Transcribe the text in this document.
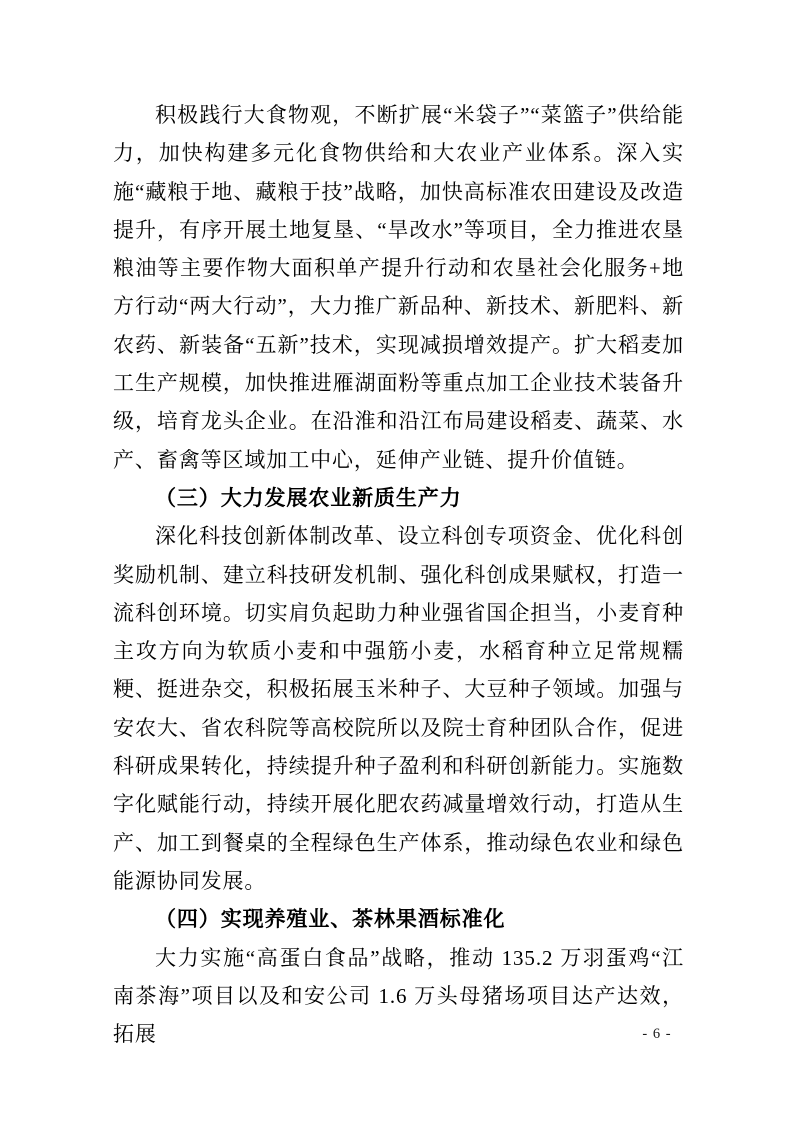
积极践行大食物观，不断扩展“米袋子”“菜篮子”供给能力，加快构建多元化食物供给和大农业产业体系。深入实施“藏粮于地、藏粮于技”战略，加快高标准农田建设及改造提升，有序开展土地复垦、“旱改水”等项目，全力推进农垦粮油等主要作物大面积单产提升行动和农垦社会化服务+地方行动“两大行动”，大力推广新品种、新技术、新肥料、新农药、新装备“五新”技术，实现减损增效提产。扩大稻麦加工生产规模，加快推进雁湖面粉等重点加工企业技术装备升级，培育龙头企业。在沿淮和沿江布局建设稻麦、蔬菜、水产、畜禽等区域加工中心，延伸产业链、提升价值链。

（三）大力发展农业新质生产力

深化科技创新体制改革、设立科创专项资金、优化科创奖励机制、建立科技研发机制、强化科创成果赋权，打造一流科创环境。切实肩负起助力种业强省国企担当，小麦育种主攻方向为软质小麦和中强筋小麦，水稻育种立足常规糯粳、挺进杂交，积极拓展玉米种子、大豆种子领域。加强与安农大、省农科院等高校院所以及院士育种团队合作，促进科研成果转化，持续提升种子盈利和科研创新能力。实施数字化赋能行动，持续开展化肥农药减量增效行动，打造从生产、加工到餐桌的全程绿色生产体系，推动绿色农业和绿色能源协同发展。

（四）实现养殖业、茶林果酒标准化

大力实施“高蛋白食品”战略，推动 135.2 万羽蛋鸡“江南茶海”项目以及和安公司 1.6 万头母猪场项目达产达效，拓展	- 6 -
